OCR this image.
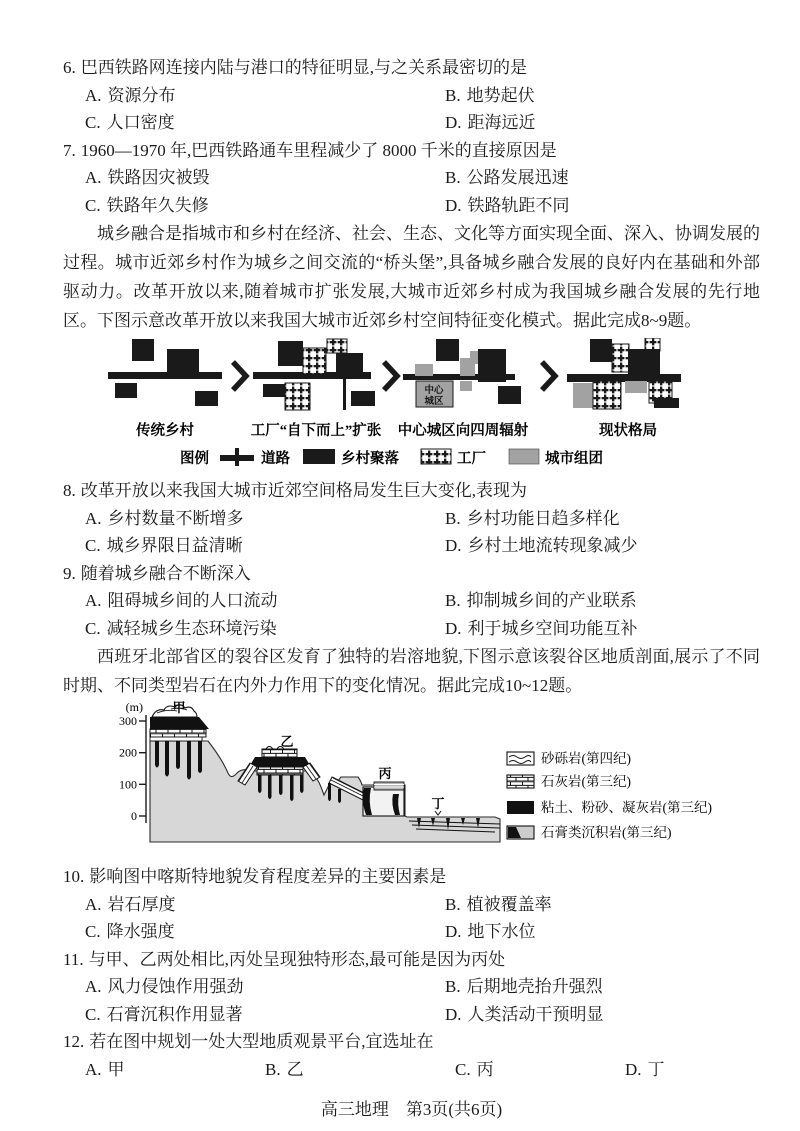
6. 巴西铁路网连接内陆与港口的特征明显,与之关系最密切的是
A. 资源分布	B. 地势起伏
C. 人口密度	D. 距海远近
7. 1960—1970 年,巴西铁路通车里程减少了 8000 千米的直接原因是
A. 铁路因灾被毁	B. 公路发展迅速
C. 铁路年久失修	D. 铁路轨距不同
城乡融合是指城市和乡村在经济、社会、生态、文化等方面实现全面、深入、协调发展的过程。城市近郊乡村作为城乡之间交流的“桥头堡”,具备城乡融合发展的良好内在基础和外部驱动力。改革开放以来,随着城市扩张发展,大城市近郊乡村成为我国城乡融合发展的先行地区。下图示意改革开放以来我国大城市近郊乡村空间特征变化模式。据此完成8~9题。
传统乡村	工厂“自下而上”扩张
中心
城区
中心城区向四周辐射	现状格局
图例	道路	乡村聚落	工厂	城市组团
8. 改革开放以来我国大城市近郊空间格局发生巨大变化,表现为
A. 乡村数量不断增多	B. 乡村功能日趋多样化
C. 城乡界限日益清晰	D. 乡村土地流转现象减少
9. 随着城乡融合不断深入
A. 阻碍城乡间的人口流动	B. 抑制城乡间的产业联系
C. 减轻城乡生态环境污染	D. 利于城乡空间功能互补
西班牙北部省区的裂谷区发育了独特的岩溶地貌,下图示意该裂谷区地质剖面,展示了不同时期、不同类型岩石在内外力作用下的变化情况。据此完成10~12题。
(m)
300
200
100
0
甲
乙
丙
丁
砂砾岩(第四纪)
石灰岩(第三纪)
粘土、粉砂、凝灰岩(第三纪)
石膏类沉积岩(第三纪)
10. 影响图中喀斯特地貌发育程度差异的主要因素是
A. 岩石厚度	B. 植被覆盖率
C. 降水强度	D. 地下水位
11. 与甲、乙两处相比,丙处呈现独特形态,最可能是因为丙处
A. 风力侵蚀作用强劲	B. 后期地壳抬升强烈
C. 石膏沉积作用显著	D. 人类活动干预明显
12. 若在图中规划一处大型地质观景平台,宜选址在
A. 甲	B. 乙	C. 丙	D. 丁
高三地理　第3页(共6页)
